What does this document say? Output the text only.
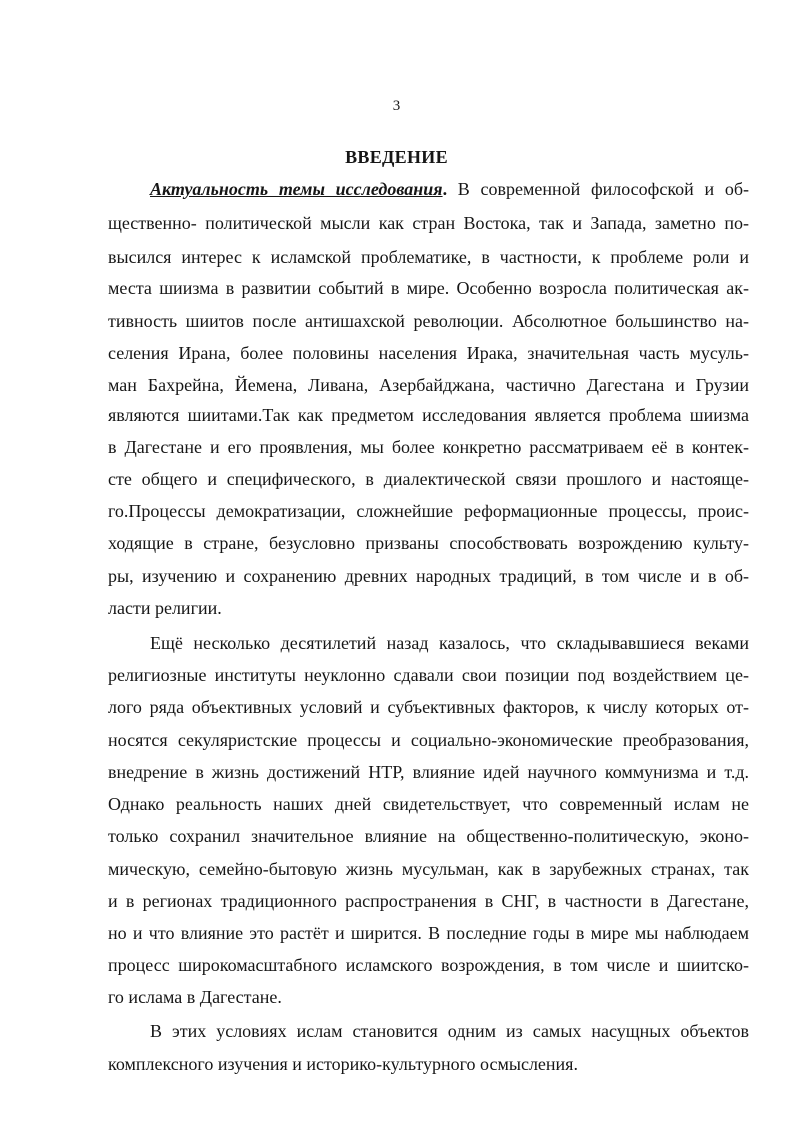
3
ВВЕДЕНИЕ
Актуальность темы исследования. В современной философской и об-
щественно- политической мысли как стран Востока, так и Запада, заметно по-
высился интерес к исламской проблематике, в частности, к проблеме роли и
места шиизма в развитии событий в мире. Особенно возросла политическая ак-
тивность шиитов после антишахской революции. Абсолютное большинство на-
селения Ирана, более половины населения Ирака, значительная часть мусуль-
ман Бахрейна, Йемена, Ливана, Азербайджана, частично Дагестана и Грузии
являются шиитами.Так как предметом исследования является проблема шиизма
в Дагестане и его проявления, мы более конкретно рассматриваем её в контек-
сте общего и специфического, в диалектической связи прошлого и настояще-
го.Процессы демократизации, сложнейшие реформационные процессы, проис-
ходящие в стране, безусловно призваны способствовать возрождению культу-
ры, изучению и сохранению древних народных традиций, в том числе и в об-
ласти религии.
Ещё несколько десятилетий назад казалось, что складывавшиеся веками
религиозные институты неуклонно сдавали свои позиции под воздействием це-
лого ряда объективных условий и субъективных факторов, к числу которых от-
носятся секуляристские процессы и социально-экономические преобразования,
внедрение в жизнь достижений НТР, влияние идей научного коммунизма и т.д.
Однако реальность наших дней свидетельствует, что современный ислам не
только сохранил значительное влияние на общественно-политическую, эконо-
мическую, семейно-бытовую жизнь мусульман, как в зарубежных странах, так
и в регионах традиционного распространения в СНГ, в частности в Дагестане,
но и что влияние это растёт и ширится. В последние годы в мире мы наблюдаем
процесс широкомасштабного исламского возрождения, в том числе и шиитско-
го ислама в Дагестане.
В этих условиях ислам становится одним из самых насущных объектов
комплексного изучения и историко-культурного осмысления.
